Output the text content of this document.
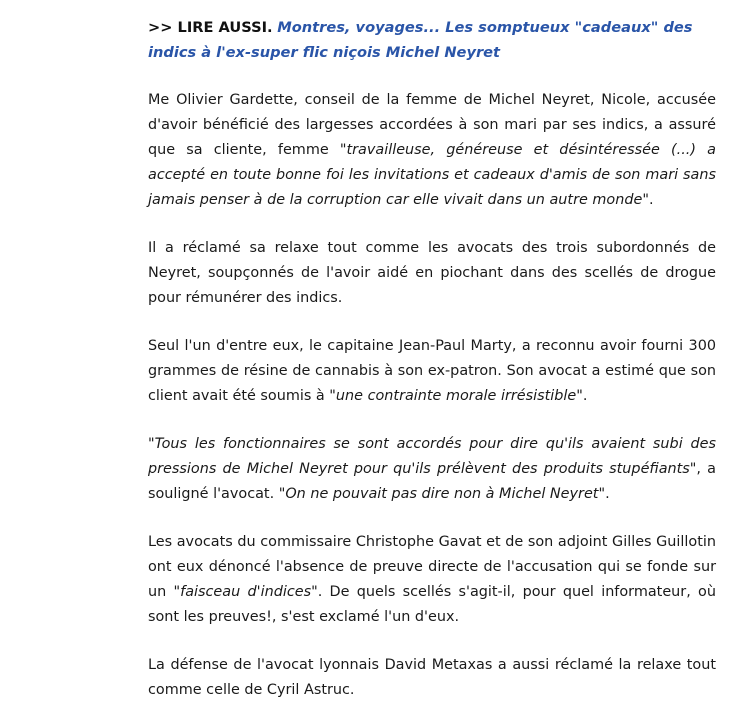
>> LIRE AUSSI. Montres, voyages... Les somptueux "cadeaux" des indics à l'ex-super flic niçois Michel Neyret

Me Olivier Gardette, conseil de la femme de Michel Neyret, Nicole, accusée d'avoir bénéficié des largesses accordées à son mari par ses indics, a assuré que sa cliente, femme "travailleuse, généreuse et désintéressée (...) a accepté en toute bonne foi les invitations et cadeaux d'amis de son mari sans jamais penser à de la corruption car elle vivait dans un autre monde".

Il a réclamé sa relaxe tout comme les avocats des trois subordonnés de Neyret, soupçonnés de l'avoir aidé en piochant dans des scellés de drogue pour rémunérer des indics.

Seul l'un d'entre eux, le capitaine Jean-Paul Marty, a reconnu avoir fourni 300 grammes de résine de cannabis à son ex-patron. Son avocat a estimé que son client avait été soumis à "une contrainte morale irrésistible".

"Tous les fonctionnaires se sont accordés pour dire qu'ils avaient subi des pressions de Michel Neyret pour qu'ils prélèvent des produits stupéfiants", a souligné l'avocat. "On ne pouvait pas dire non à Michel Neyret".

Les avocats du commissaire Christophe Gavat et de son adjoint Gilles Guillotin ont eux dénoncé l'absence de preuve directe de l'accusation qui se fonde sur un "faisceau d'indices". De quels scellés s'agit-il, pour quel informateur, où sont les preuves!, s'est exclamé l'un d'eux.

La défense de l'avocat lyonnais David Metaxas a aussi réclamé la relaxe tout comme celle de Cyril Astruc.
